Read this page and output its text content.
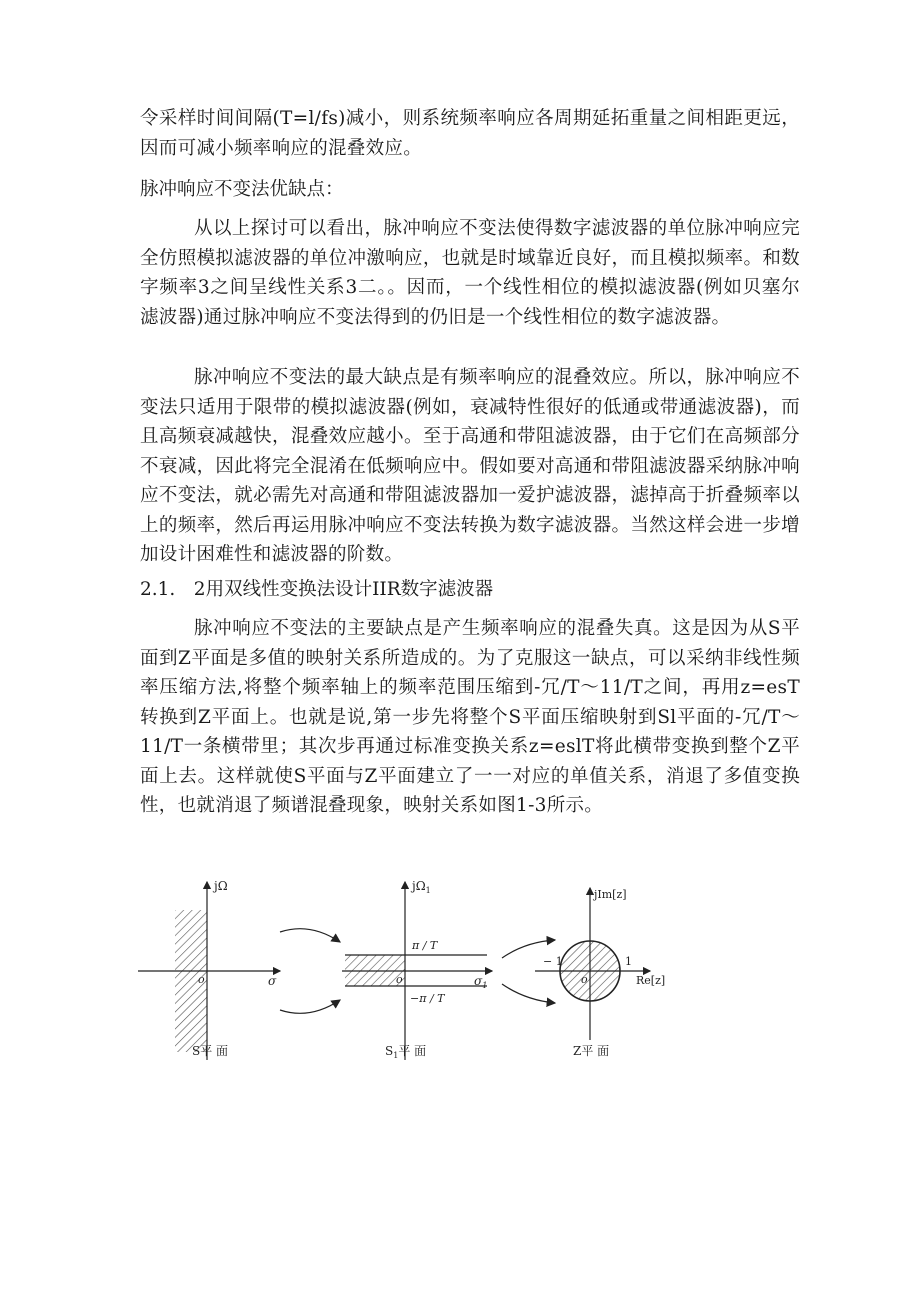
令采样时间间隔(T=l∕fs)减小，则系统频率响应各周期延拓重量之间相距更远，因而可减小频率响应的混叠效应。

脉冲响应不变法优缺点：

从以上探讨可以看出，脉冲响应不变法使得数字滤波器的单位脉冲响应完全仿照模拟滤波器的单位冲激响应，也就是时域靠近良好，而且模拟频率。和数字频率3之间呈线性关系3二。。因而，一个线性相位的模拟滤波器(例如贝塞尔滤波器)通过脉冲响应不变法得到的仍旧是一个线性相位的数字滤波器。

脉冲响应不变法的最大缺点是有频率响应的混叠效应。所以，脉冲响应不变法只适用于限带的模拟滤波器(例如，衰减特性很好的低通或带通滤波器)，而且高频衰减越快，混叠效应越小。至于高通和带阻滤波器，由于它们在高频部分不衰减，因此将完全混淆在低频响应中。假如要对高通和带阻滤波器采纳脉冲响应不变法，就必需先对高通和带阻滤波器加一爱护滤波器，滤掉高于折叠频率以上的频率，然后再运用脉冲响应不变法转换为数字滤波器。当然这样会进一步增加设计困难性和滤波器的阶数。

2.1.　2用双线性变换法设计IIR数字滤波器

脉冲响应不变法的主要缺点是产生频率响应的混叠失真。这是因为从S平面到Z平面是多值的映射关系所造成的。为了克服这一缺点，可以采纳非线性频率压缩方法,将整个频率轴上的频率范围压缩到-冗/T～11/T之间，再用z=esT转换到Z平面上。也就是说,第一步先将整个S平面压缩映射到Sl平面的-冗/T～11/T一条横带里；其次步再通过标准变换关系z=eslT将此横带变换到整个Z平面上去。这样就使S平面与Z平面建立了一一对应的单值关系，消退了多值变换性，也就消退了频谱混叠现象，映射关系如图1-3所示。

jΩ
σ
o
S平 面
$j\Omega_1$
π / T
−π / T
$\sigma_1$
o
$S_1$平 面
jIm[z]
Re[z]
− 1	1
o
Z平 面
